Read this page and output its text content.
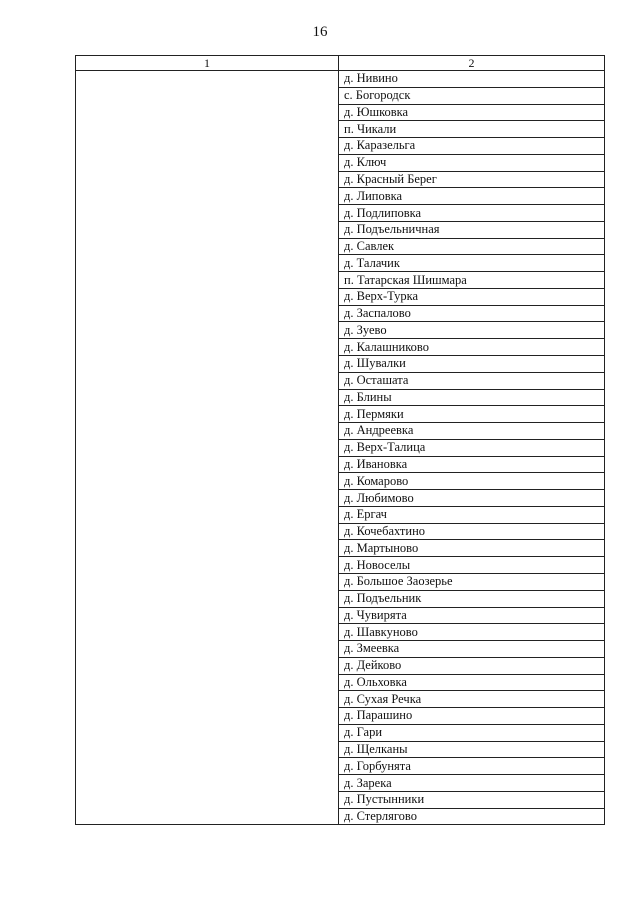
16
1	2
	д. Нивино
	с. Богородск
	д. Юшковка
	п. Чикали
	д. Каразельга
	д. Ключ
	д. Красный Берег
	д. Липовка
	д. Подлиповка
	д. Подъельничная
	д. Савлек
	д. Талачик
	п. Татарская Шишмара
	д. Верх-Турка
	д. Заспалово
	д. Зуево
	д. Калашниково
	д. Шувалки
	д. Осташата
	д. Блины
	д. Пермяки
	д. Андреевка
	д. Верх-Талица
	д. Ивановка
	д. Комарово
	д. Любимово
	д. Ергач
	д. Кочебахтино
	д. Мартыново
	д. Новоселы
	д. Большое Заозерье
	д. Подъельник
	д. Чувирята
	д. Шавкуново
	д. Змеевка
	д. Дейково
	д. Ольховка
	д. Сухая Речка
	д. Парашино
	д. Гари
	д. Щелканы
	д. Горбунята
	д. Зарека
	д. Пустынники
	д. Стерлягово
